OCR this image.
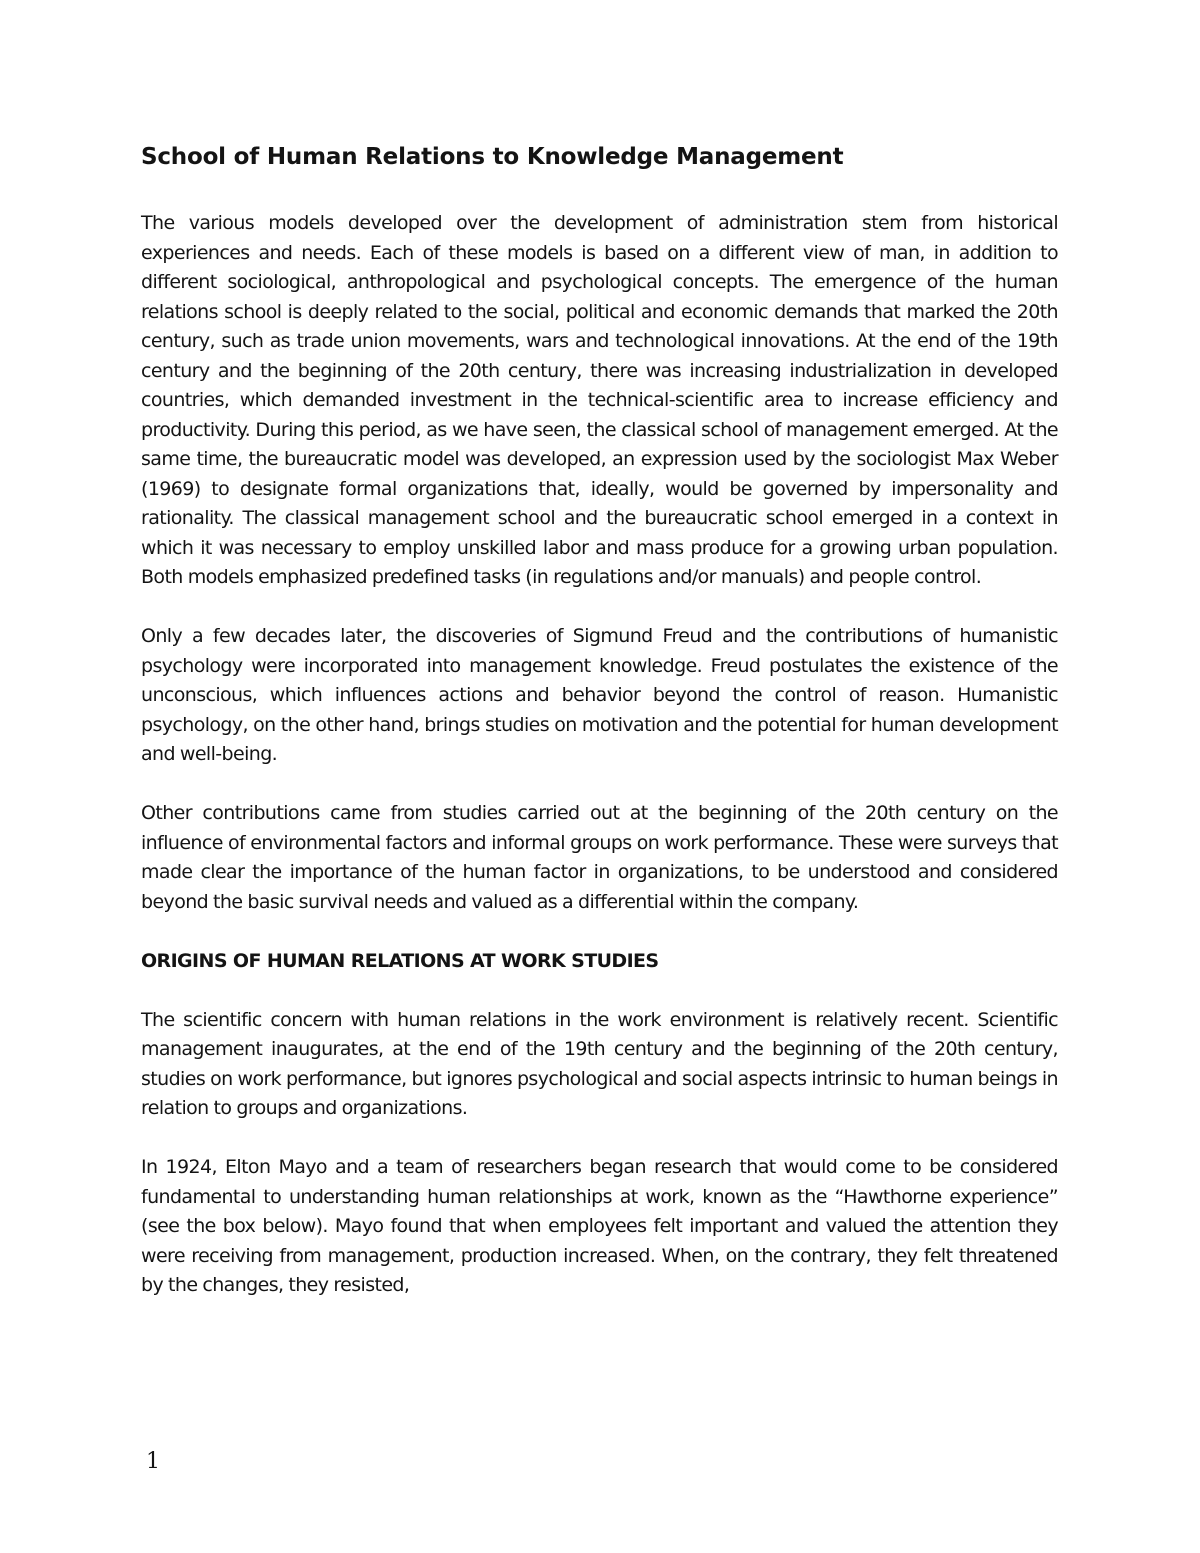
School of Human Relations to Knowledge Management

The various models developed over the development of administration stem from historical experiences and needs. Each of these models is based on a different view of man, in addition to different sociological, anthropological and psychological concepts. The emergence of the human relations school is deeply related to the social, political and economic demands that marked the 20th century, such as trade union movements, wars and technological innovations. At the end of the 19th century and the beginning of the 20th century, there was increasing industrialization in developed countries, which demanded investment in the technical-scientific area to increase efficiency and productivity. During this period, as we have seen, the classical school of management emerged. At the same time, the bureaucratic model was developed, an expression used by the sociologist Max Weber (1969) to designate formal organizations that, ideally, would be governed by impersonality and rationality. The classical management school and the bureaucratic school emerged in a context in which it was necessary to employ unskilled labor and mass produce for a growing urban population. Both models emphasized predefined tasks (in regulations and/or manuals) and people control.

Only a few decades later, the discoveries of Sigmund Freud and the contributions of humanistic psychology were incorporated into management knowledge. Freud postulates the existence of the unconscious, which influences actions and behavior beyond the control of reason. Humanistic psychology, on the other hand, brings studies on motivation and the potential for human development and well-being.

Other contributions came from studies carried out at the beginning of the 20th century on the influence of environmental factors and informal groups on work performance. These were surveys that made clear the importance of the human factor in organizations, to be understood and considered beyond the basic survival needs and valued as a differential within the company.

ORIGINS OF HUMAN RELATIONS AT WORK STUDIES

The scientific concern with human relations in the work environment is relatively recent. Scientific management inaugurates, at the end of the 19th century and the beginning of the 20th century, studies on work performance, but ignores psychological and social aspects intrinsic to human beings in relation to groups and organizations.

In 1924, Elton Mayo and a team of researchers began research that would come to be considered fundamental to understanding human relationships at work, known as the “Hawthorne experience” (see the box below). Mayo found that when employees felt important and valued the attention they were receiving from management, production increased. When, on the contrary, they felt threatened by the changes, they resisted,

1
